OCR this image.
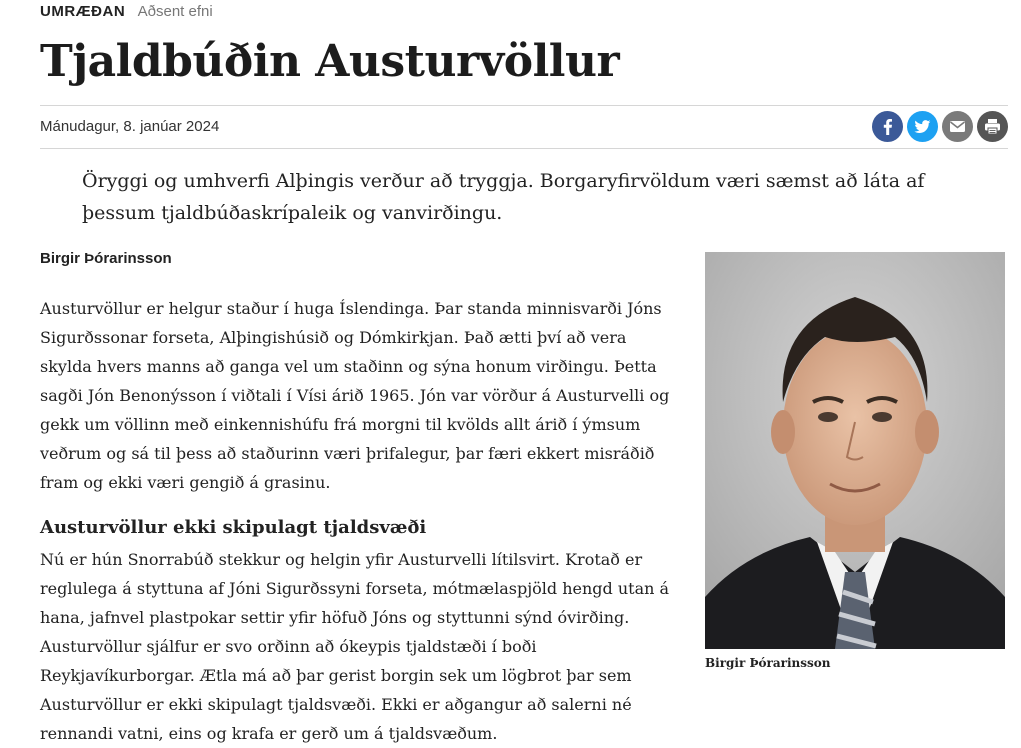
UMRÆÐAN Aðsent efni
Tjaldbúðin Austurvöllur
Mánudagur, 8. janúar 2024

Öryggi og umhverfi Alþingis verður að tryggja. Borgaryfirvöldum væri sæmst að láta af þessum tjaldbúðaskrípaleik og vanvirðingu.

Birgir Þórarinsson

Austurvöllur er helgur staður í huga Íslendinga. Þar standa minnisvarði Jóns Sigurðssonar forseta, Alþingishúsið og Dómkirkjan. Það ætti því að vera skylda hvers manns að ganga vel um staðinn og sýna honum virðingu. Þetta sagði Jón Benonýsson í viðtali í Vísi árið 1965. Jón var vörður á Austurvelli og gekk um völlinn með einkennishúfu frá morgni til kvölds allt árið í ýmsum veðrum og sá til þess að staðurinn væri þrifalegur, þar færi ekkert misráðið fram og ekki væri gengið á grasinu.

Austurvöllur ekki skipulagt tjaldsvæði

Nú er hún Snorrabúð stekkur og helgin yfir Austurvelli lítilsvirt. Krotað er reglulega á styttuna af Jóni Sigurðssyni forseta, mótmælaspjöld hengd utan á hana, jafnvel plastpokar settir yfir höfuð Jóns og styttunni sýnd óvirðing. Austurvöllur sjálfur er svo orðinn að ókeypis tjaldstæði í boði Reykjavíkurborgar. Ætla má að þar gerist borgin sek um lögbrot þar sem Austurvöllur er ekki skipulagt tjaldsvæði. Ekki er aðgangur að salerni né rennandi vatni, eins og krafa er gerð um á tjaldsvæðum.

Birgir Þórarinsson
